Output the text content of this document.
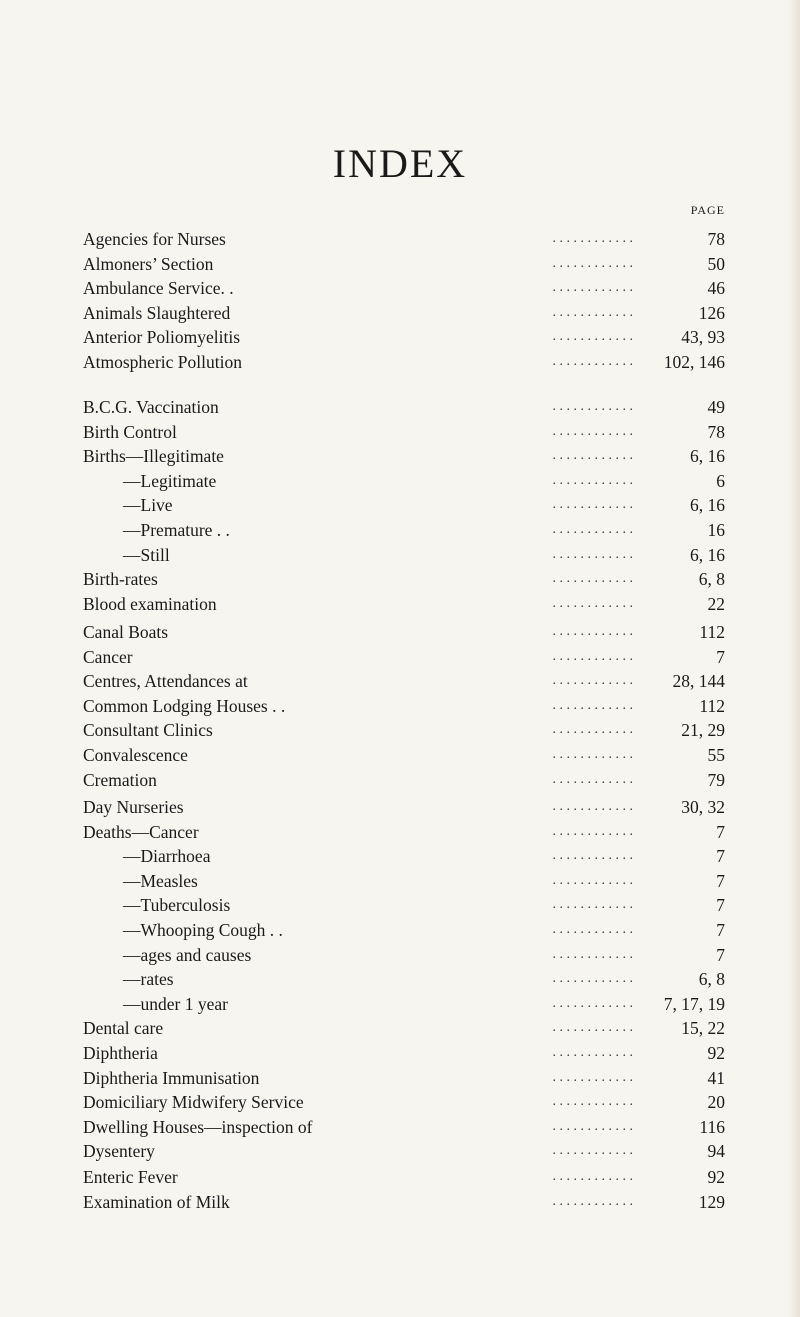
INDEX
PAGE
. . . . . . . . . . . .
Agencies for Nurses	78
. . . . . . . . . . . .
Almoners’ Section	50
. . . . . . . . . . . .
Ambulance Service. .	46
. . . . . . . . . . . .
Animals Slaughtered	126
. . . . . . . . . . . .
Anterior Poliomyelitis	43, 93
. . . . . . . . . . . .
Atmospheric Pollution	102, 146
. . . . . . . . . . . .
B.C.G. Vaccination	49
. . . . . . . . . . . .
Birth Control	78
. . . . . . . . . . . .
Births—Illegitimate	6, 16
. . . . . . . . . . . .
—Legitimate	6
. . . . . . . . . . . .
—Live	6, 16
. . . . . . . . . . . .
—Premature . .	16
. . . . . . . . . . . .
—Still	6, 16
. . . . . . . . . . . .
Birth-rates	6, 8
. . . . . . . . . . . .
Blood examination	22
. . . . . . . . . . . .
Canal Boats	112
. . . . . . . . . . . .
Cancer	7
. . . . . . . . . . . .
Centres, Attendances at	28, 144
. . . . . . . . . . . .
Common Lodging Houses . .	112
. . . . . . . . . . . .
Consultant Clinics	21, 29
. . . . . . . . . . . .
Convalescence	55
. . . . . . . . . . . .
Cremation	79
. . . . . . . . . . . .
Day Nurseries	30, 32
. . . . . . . . . . . .
Deaths—Cancer	7
. . . . . . . . . . . .
—Diarrhoea	7
. . . . . . . . . . . .
—Measles	7
. . . . . . . . . . . .
—Tuberculosis	7
. . . . . . . . . . . .
—Whooping Cough . .	7
. . . . . . . . . . . .
—ages and causes	7
. . . . . . . . . . . .
—rates	6, 8
. . . . . . . . . . . .
—under 1 year	7, 17, 19
. . . . . . . . . . . .
Dental care	15, 22
. . . . . . . . . . . .
Diphtheria	92
. . . . . . . . . . . .
Diphtheria Immunisation	41
. . . . . . . . . . . .
Domiciliary Midwifery Service	20
. . . . . . . . . . . .
Dwelling Houses—inspection of	116
. . . . . . . . . . . .
Dysentery	94
. . . . . . . . . . . .
Enteric Fever	92
. . . . . . . . . . . .
Examination of Milk	129
